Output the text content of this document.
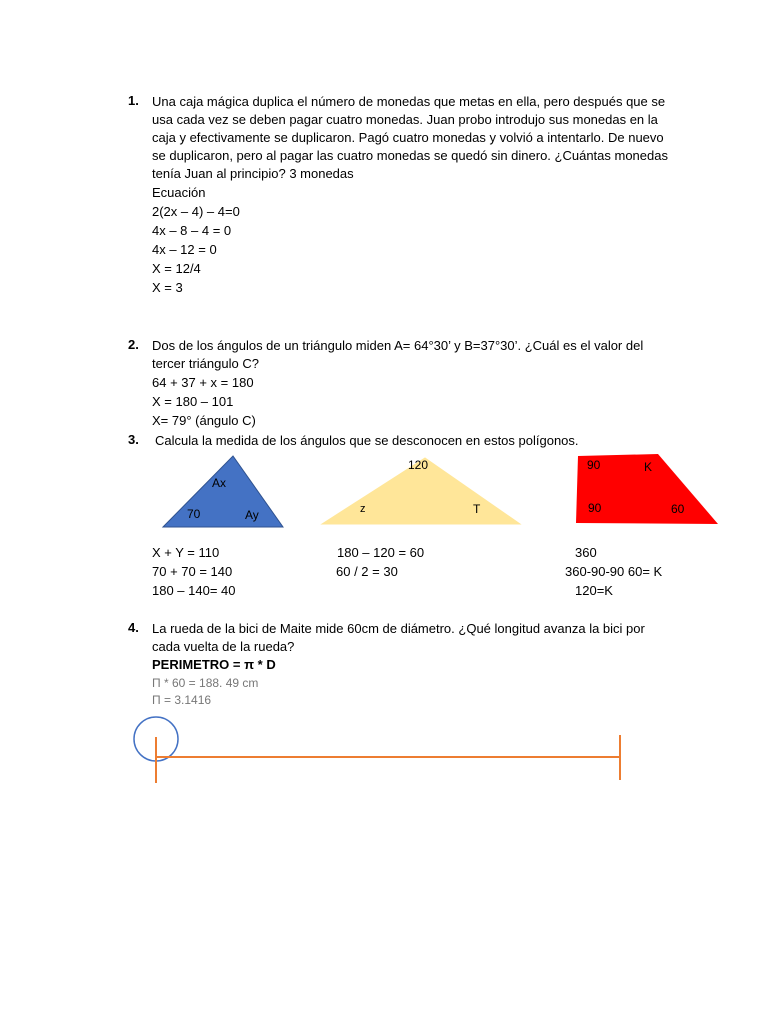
1. Una caja mágica duplica el número de monedas que metas en ella, pero después que se usa cada vez se deben pagar cuatro monedas. Juan probo introdujo sus monedas en la caja y efectivamente se duplicaron. Pagó cuatro monedas y volvió a intentarlo. De nuevo se duplicaron, pero al pagar las cuatro monedas se quedó sin dinero. ¿Cuántas monedas tenía Juan al principio? 3 monedas
Ecuación
2(2x – 4) – 4=0
4x – 8 – 4 = 0
4x – 12 = 0
X = 12/4
X = 3
2. Dos de los ángulos de un triángulo miden A= 64°30’ y B=37°30’. ¿Cuál es el valor del tercer triángulo C?
64 + 37 + x = 180
X = 180 – 101
X= 79° (ángulo C)
3. Calcula la medida de los ángulos que se desconocen en estos polígonos.
Ax
70	Ay
120
z	T
90	K
90	60
X + Y = 110
70 + 70 = 140
180 – 140= 40
180 – 120 = 60
60 / 2 = 30
360
360-90-90 60= K
120=K
4. La rueda de la bici de Maite mide 60cm de diámetro. ¿Qué longitud avanza la bici por cada vuelta de la rueda?
PERIMETRO = π * D
Π * 60 = 188. 49 cm
Π = 3.1416
